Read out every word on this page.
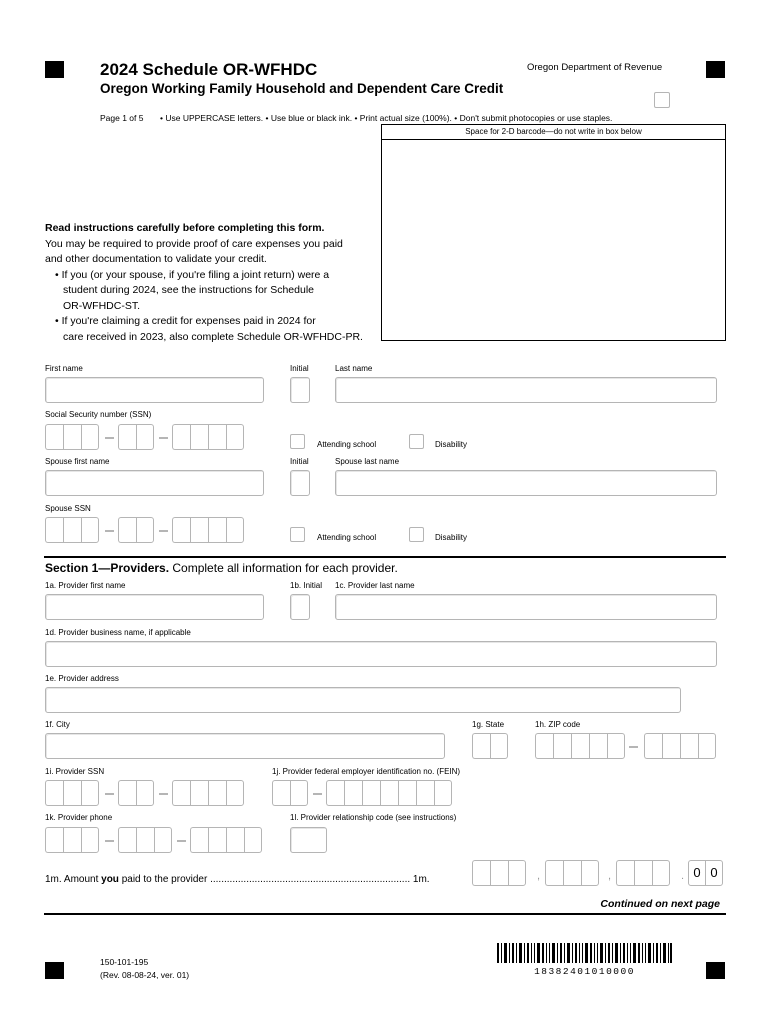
2024 Schedule OR-WFHDC	Oregon Department of Revenue
Oregon Working Family Household and Dependent Care Credit
Page 1 of 5 • Use UPPERCASE letters. • Use blue or black ink. • Print actual size (100%). • Don't submit photocopies or use staples.
Space for 2-D barcode—do not write in box below

Read instructions carefully before completing this form.

You may be required to provide proof of care expenses you paid

and other documentation to validate your credit.

• If you (or your spouse, if you're filing a joint return) were a

student during 2024, see the instructions for Schedule

OR-WFHDC-ST.

• If you're claiming a credit for expenses paid in 2024 for

care received in 2023, also complete Schedule OR-WFHDC-PR.

First name	Initial	Last name
Social Security number (SSN)
Attending school	Disability
Spouse first name	Initial	Spouse last name
Spouse SSN
Attending school	Disability
Section 1—Providers. Complete all information for each provider.
1a. Provider first name	1b. Initial 1c. Provider last name
1d. Provider business name, if applicable
1e. Provider address
1f. City	1g. State	1h. ZIP code
1i. Provider SSN	1j. Provider federal employer identification no. (FEIN)
1k. Provider phone	1l. Provider relationship code (see instructions)
1m. Amount you paid to the provider ........................................................................ 1m.	,	,	. 0 0
Continued on next page
150-101-195
(Rev. 08-08-24, ver. 01)	18382401010000
